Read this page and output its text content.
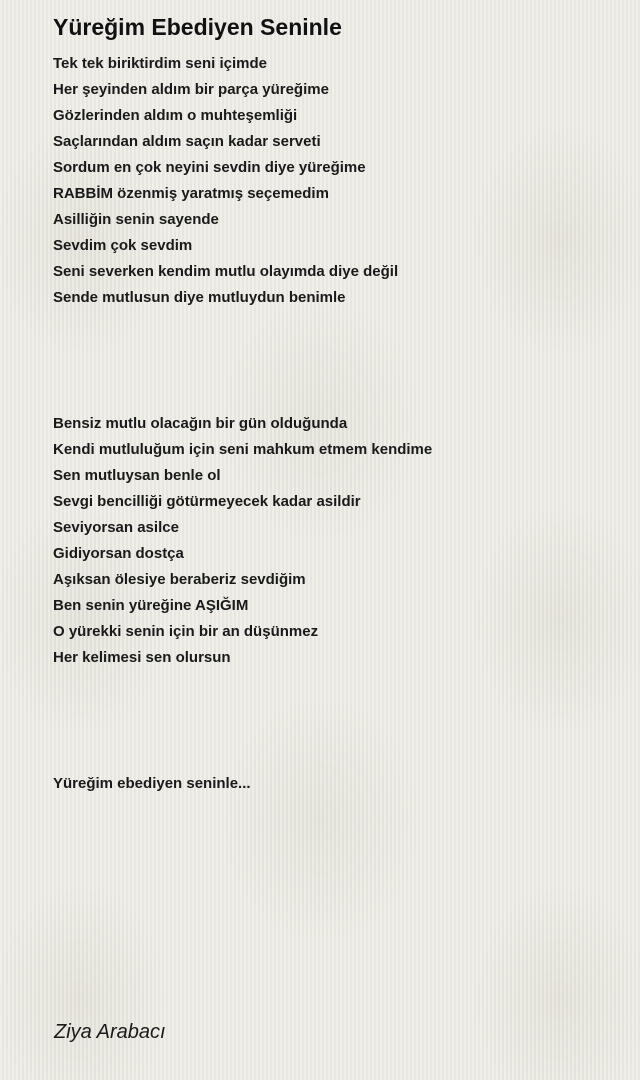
Yüreğim Ebediyen Seninle
Tek tek biriktirdim seni içimde
Her şeyinden aldım bir parça yüreğime
Gözlerinden aldım o muhteşemliği
Saçlarından aldım saçın kadar serveti
Sordum en çok neyini sevdin diye yüreğime
RABBİM özenmiş yaratmış seçemedim
Asilliğin senin sayende
Sevdim çok sevdim
Seni severken kendim mutlu olayımda diye değil
Sende mutlusun diye mutluydun benimle
Bensiz mutlu olacağın bir gün olduğunda
Kendi mutluluğum için seni mahkum etmem kendime
Sen mutluysan benle ol
Sevgi bencilliği götürmeyecek kadar asildir
Seviyorsan asilce
Gidiyorsan dostça
Aşıksan ölesiye beraberiz sevdiğim
Ben senin yüreğine AŞIĞIM
O yürekki senin için bir an düşünmez
Her kelimesi sen olursun
Yüreğim ebediyen seninle...
Ziya Arabacı
